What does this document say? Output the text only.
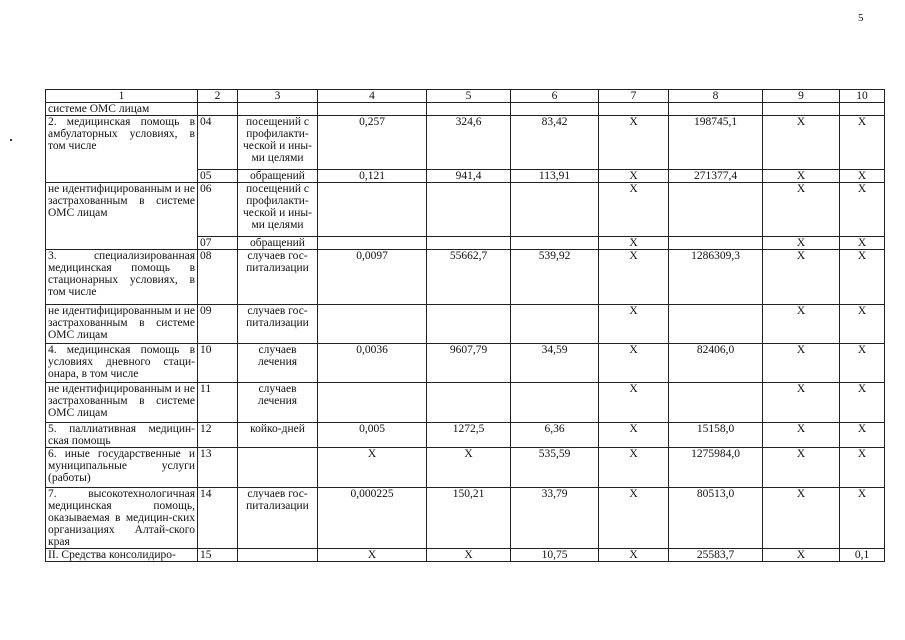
5
1	2	3	4	5	6	7	8	9	10
системе ОМС лицам									
2. медицинская помощь в амбулаторных условиях, в том числе	04	посещений с профилакти-ческой и ины-ми целями	0,257	324,6	83,42	X	198745,1	X	X
	05	обращений	0,121	941,4	113,91	X	271377,4	X	X
не идентифицированным и не застрахованным в системе ОМС лицам	06	посещений с профилакти-ческой и ины-ми целями				X		X	X
	07	обращений				X		X	X
3. специализированная медицинская помощь в стационарных условиях, в том числе	08	случаев гос-питализации	0,0097	55662,7	539,92	X	1286309,3	X	X
не идентифицированным и не застрахованным в системе ОМС лицам	09	случаев гос-питализации				X		X	X
4. медицинская помощь в условиях дневного стаци-онара, в том числе	10	случаев лечения	0,0036	9607,79	34,59	X	82406,0	X	X
не идентифицированным и не застрахованным в системе ОМС лицам	11	случаев лечения				X		X	X
5. паллиативная медицин-ская помощь	12	койко-дней	0,005	1272,5	6,36	X	15158,0	X	X
6. иные государственные и муниципальные услуги (работы)	13		X	X	535,59	X	1275984,0	X	X
7. высокотехнологичная медицинская помощь, оказываемая в медицин-ских организациях Алтай-ского края	14	случаев гос-питализации	0,000225	150,21	33,79	X	80513,0	X	X
II. Средства консолидиро-	15		X	X	10,75	X	25583,7	X	0,1
